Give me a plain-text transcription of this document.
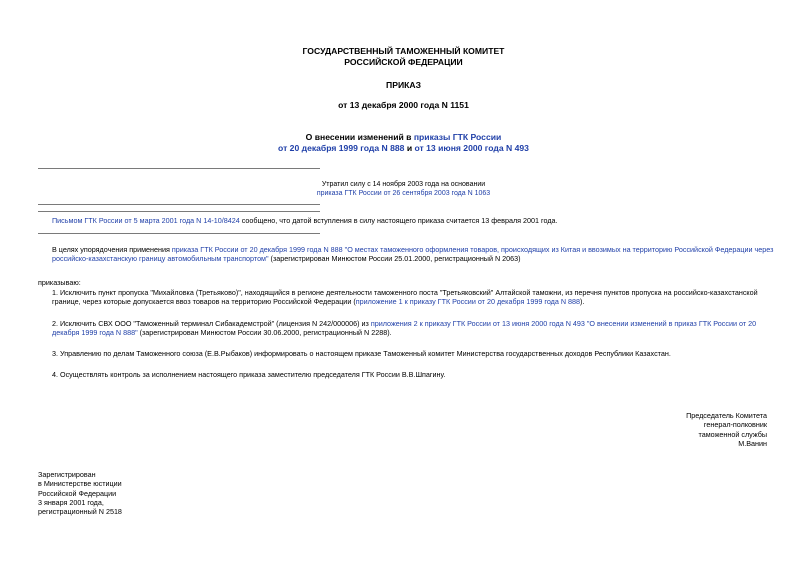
ГОСУДАРСТВЕННЫЙ ТАМОЖЕННЫЙ КОМИТЕТ
РОССИЙСКОЙ ФЕДЕРАЦИИ
ПРИКАЗ
от 13 декабря 2000 года N 1151
О внесении изменений в приказы ГТК России
от 20 декабря 1999 года N 888 и от 13 июня 2000 года N 493
Утратил силу с 14 ноября 2003 года на основании
приказа ГТК России от 26 сентября 2003 года N 1063
Письмом ГТК России от 5 марта 2001 года N 14-10/8424 сообщено, что датой вступления в силу настоящего приказа считается 13 февраля 2001 года.
В целях упорядочения применения приказа ГТК России от 20 декабря 1999 года N 888 "О местах таможенного оформления товаров, происходящих из Китая и ввозимых на территорию Российской Федерации через российско-казахстанскую границу автомобильным транспортом" (зарегистрирован Минюстом России 25.01.2000, регистрационный N 2063)
приказываю:
1. Исключить пункт пропуска "Михайловка (Третьяково)", находящийся в регионе деятельности таможенного поста "Третьяковский" Алтайской таможни, из перечня пунктов пропуска на российско-казахстанской границе, через которые допускается ввоз товаров на территорию Российской Федерации (приложение 1 к приказу ГТК России от 20 декабря 1999 года N 888).
2. Исключить СВХ ООО "Таможенный терминал Сибакадемстрой" (лицензия N 242/000006) из приложения 2 к приказу ГТК России от 13 июня 2000 года N 493 "О внесении изменений в приказ ГТК России от 20 декабря 1999 года N 888" (зарегистрирован Минюстом России 30.06.2000, регистрационный N 2288).
3. Управлению по делам Таможенного союза (Е.В.Рыбаков) информировать о настоящем приказе Таможенный комитет Министерства государственных доходов Республики Казахстан.
4. Осуществлять контроль за исполнением настоящего приказа заместителю председателя ГТК России В.В.Шпагину.
Председатель Комитета
генерал-полковник
таможенной службы
М.Ванин
Зарегистрирован
в Министерстве юстиции
Российской Федерации
3 января 2001 года,
регистрационный N 2518
